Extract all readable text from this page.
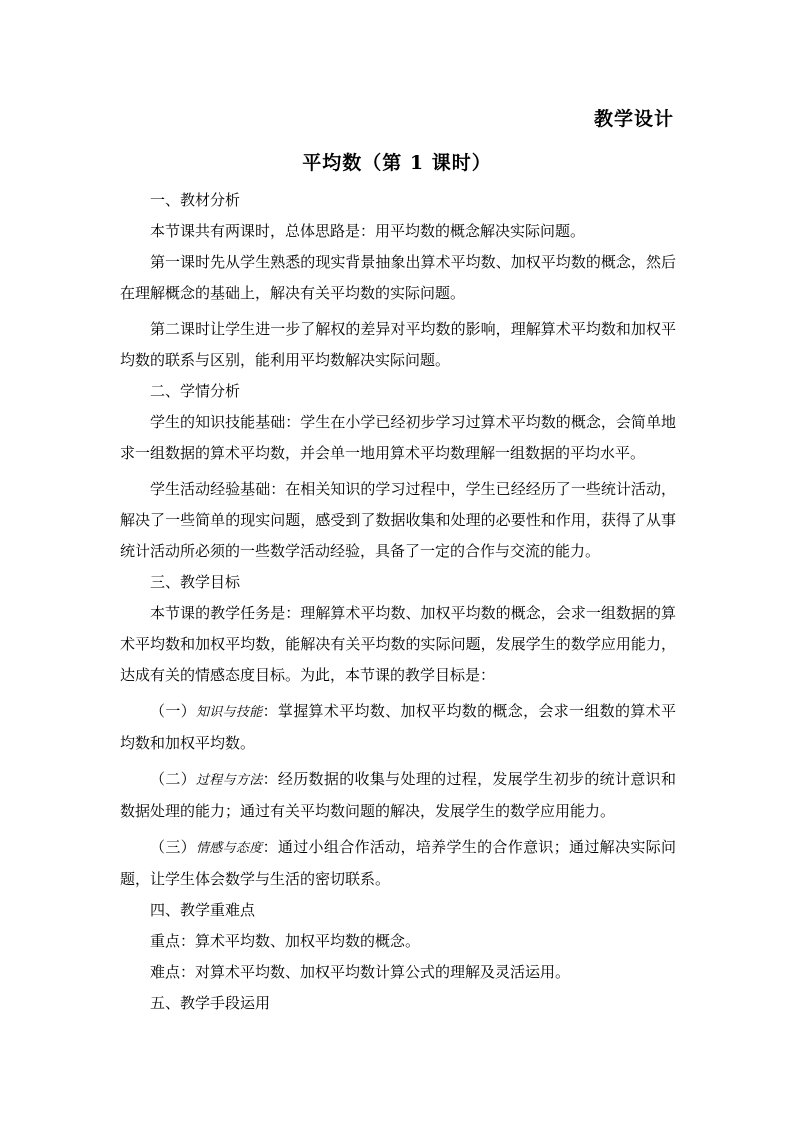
教学设计
平均数（第 1 课时）

一、教材分析

本节课共有两课时，总体思路是：用平均数的概念解决实际问题。

第一课时先从学生熟悉的现实背景抽象出算术平均数、加权平均数的概念，然后在理解概念的基础上，解决有关平均数的实际问题。

第二课时让学生进一步了解权的差异对平均数的影响，理解算术平均数和加权平均数的联系与区别，能利用平均数解决实际问题。

二、学情分析

学生的知识技能基础：学生在小学已经初步学习过算术平均数的概念，会简单地求一组数据的算术平均数，并会单一地用算术平均数理解一组数据的平均水平。

学生活动经验基础：在相关知识的学习过程中，学生已经经历了一些统计活动，解决了一些简单的现实问题，感受到了数据收集和处理的必要性和作用，获得了从事统计活动所必须的一些数学活动经验，具备了一定的合作与交流的能力。

三、教学目标

本节课的教学任务是：理解算术平均数、加权平均数的概念，会求一组数据的算术平均数和加权平均数，能解决有关平均数的实际问题，发展学生的数学应用能力，达成有关的情感态度目标。为此，本节课的教学目标是：

（一）知识与技能：掌握算术平均数、加权平均数的概念，会求一组数的算术平均数和加权平均数。

（二）过程与方法：经历数据的收集与处理的过程，发展学生初步的统计意识和数据处理的能力；通过有关平均数问题的解决，发展学生的数学应用能力。

（三）情感与态度：通过小组合作活动，培养学生的合作意识；通过解决实际问题，让学生体会数学与生活的密切联系。

四、教学重难点

重点：算术平均数、加权平均数的概念。

难点：对算术平均数、加权平均数计算公式的理解及灵活运用。

五、教学手段运用
